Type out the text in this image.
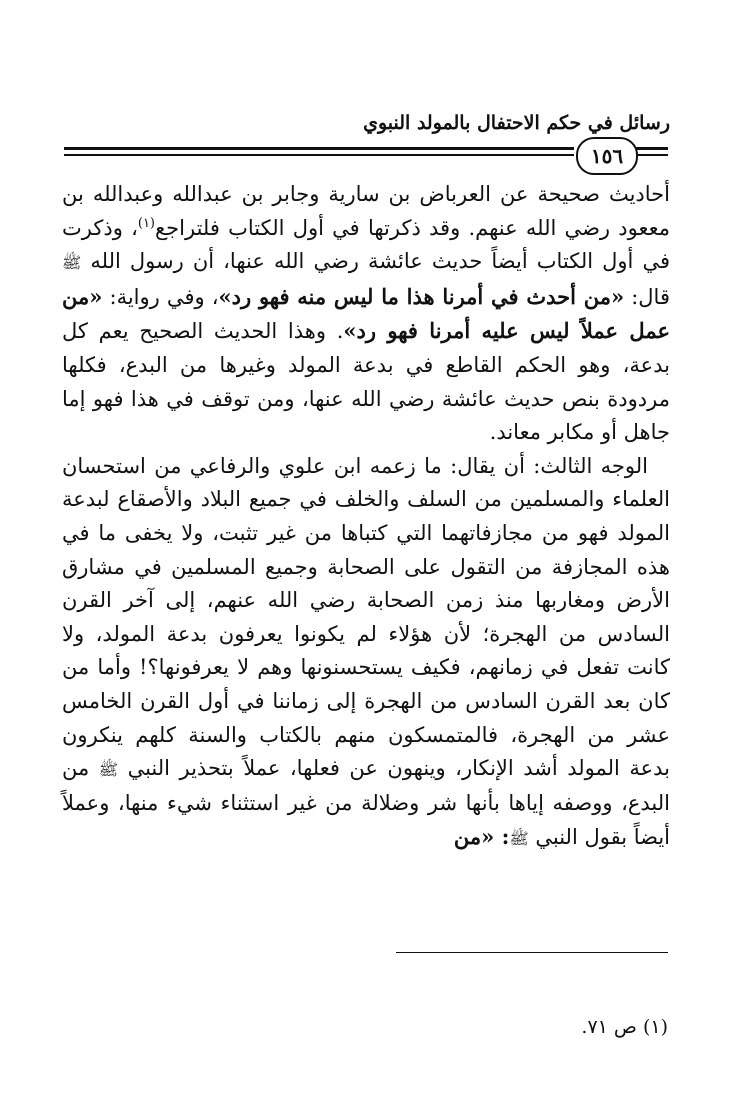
رسائل في حكم الاحتفال بالمولد النبوي
١٥٦

أحاديث صحيحة عن العرباض بن سارية وجابر بن عبدالله وعبدالله بن مععود رضي الله عنهم. وقد ذكرتها في أول الكتاب فلتراجع$^{(١)}$، وذكرت في أول الكتاب أيضاً حديث عائشة رضي الله عنها، أن رسول الله ﷺ قال: «من أحدث في أمرنا هذا ما ليس منه فهو رد»، وفي رواية: «من عمل عملاً ليس عليه أمرنا فهو رد». وهذا الحديث الصحيح يعم كل بدعة، وهو الحكم القاطع في بدعة المولد وغيرها من البدع، فكلها مردودة بنص حديث عائشة رضي الله عنها، ومن توقف في هذا فهو إما جاهل أو مكابر معاند.

الوجه الثالث: أن يقال: ما زعمه ابن علوي والرفاعي من استحسان العلماء والمسلمين من السلف والخلف في جميع البلاد والأصقاع لبدعة المولد فهو من مجازفاتهما التي كتباها من غير تثبت، ولا يخفى ما في هذه المجازفة من التقول على الصحابة وجميع المسلمين في مشارق الأرض ومغاربها منذ زمن الصحابة رضي الله عنهم، إلى آخر القرن السادس من الهجرة؛ لأن هؤلاء لم يكونوا يعرفون بدعة المولد، ولا كانت تفعل في زمانهم، فكيف يستحسنونها وهم لا يعرفونها؟! وأما من كان بعد القرن السادس من الهجرة إلى زماننا في أول القرن الخامس عشر من الهجرة، فالمتمسكون منهم بالكتاب والسنة كلهم ينكرون بدعة المولد أشد الإنكار، وينهون عن فعلها، عملاً بتحذير النبي ﷺ من البدع، ووصفه إياها بأنها شر وضلالة من غير استثناء شيء منها، وعملاً أيضاً بقول النبي ﷺ: «من

(١) ص ٧١.
